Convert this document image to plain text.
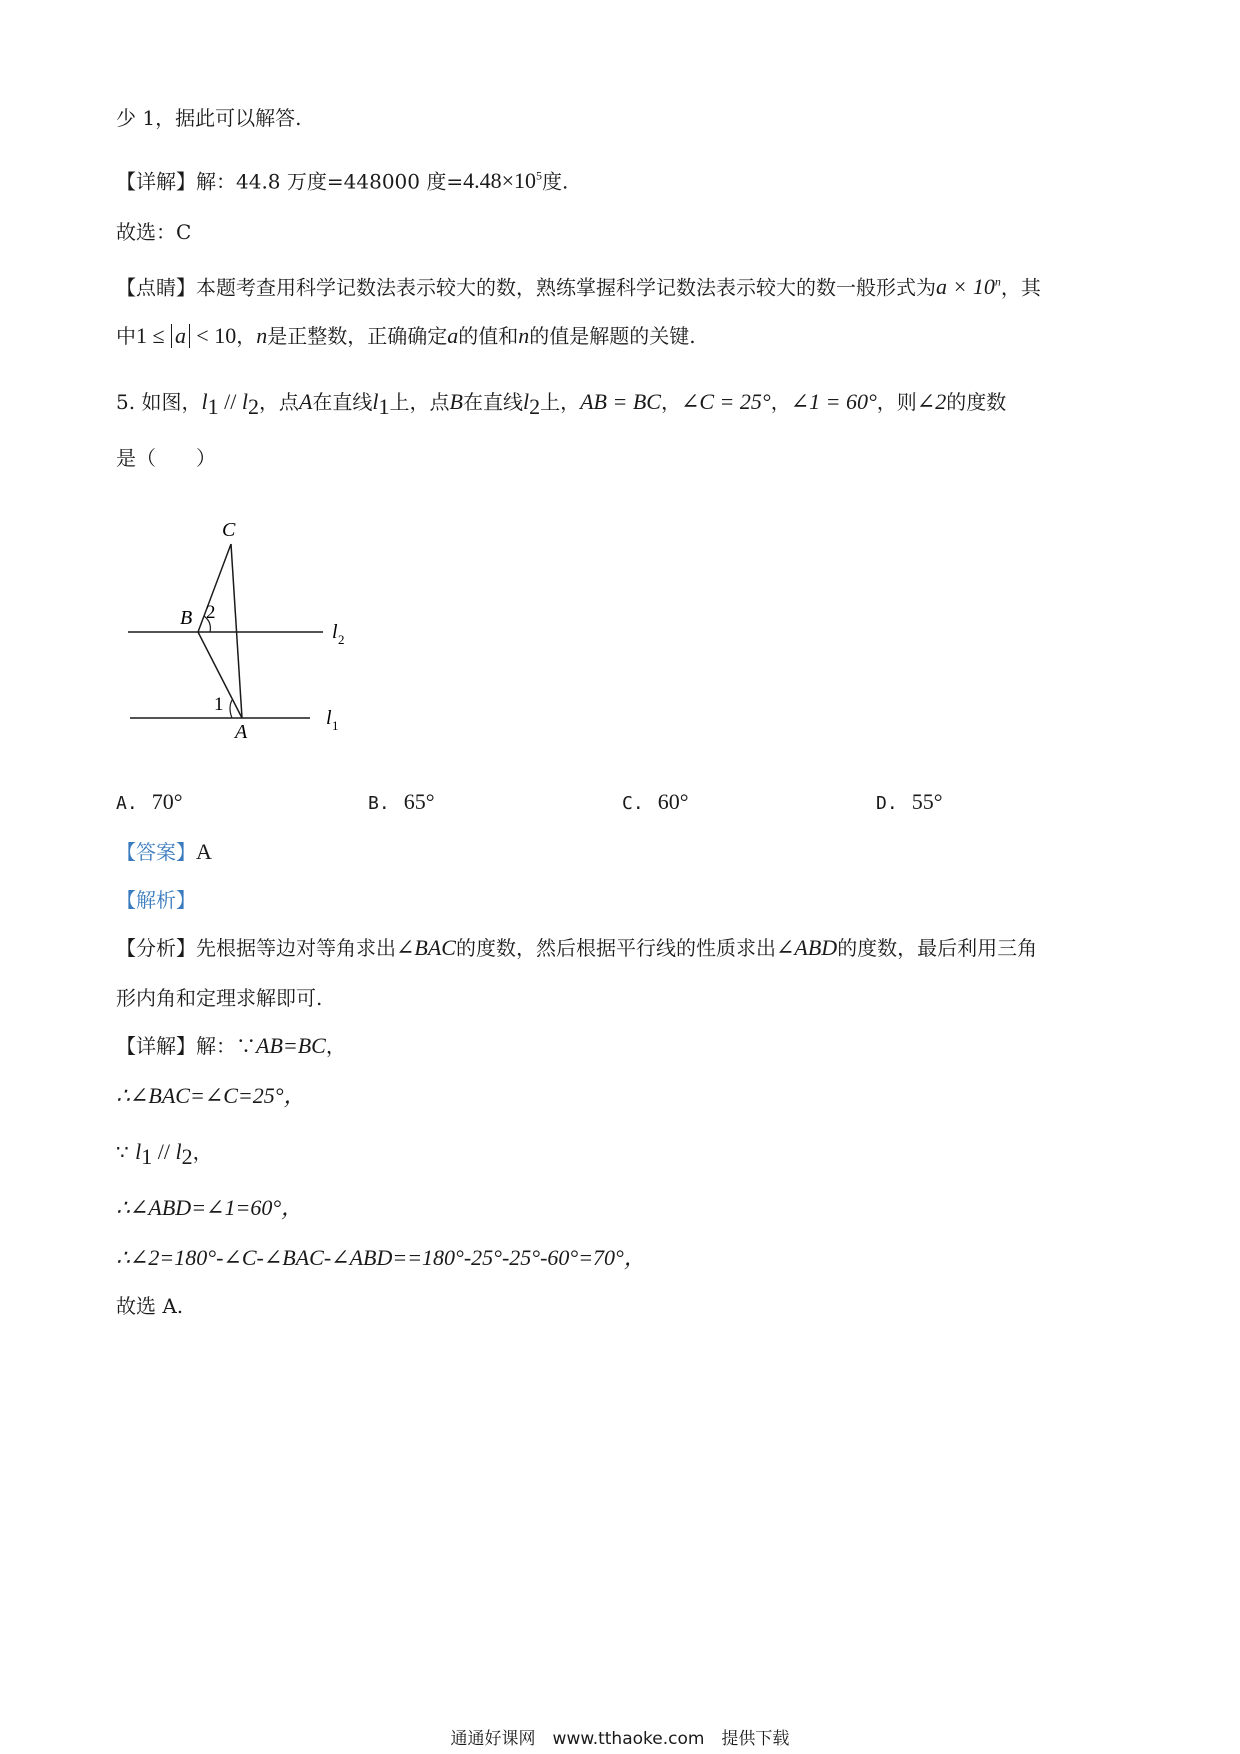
少 1，据此可以解答.
【详解】解：44.8 万度=448000 度$=4.48\times 10^5$度.
故选：C
【点睛】本题考查用科学记数法表示较大的数，熟练掌握科学记数法表示较大的数一般形式为$a \times 10^n$，其
中1 ≤ a < 10，n是正整数，正确确定a的值和n的值是解题的关键.
5. 如图，$l_1 // l_2$，点A在直线$l_1$上，点B在直线$l_2$上，AB = BC，∠C = 25°，∠1 = 60°，则∠2的度数
是（　　）
C
B 2
1
A
l 2
l 1
A. 70°	B. 65°	C. 60°	D. 55°
【答案】A
【解析】
【分析】先根据等边对等角求出∠BAC的度数，然后根据平行线的性质求出∠ABD的度数，最后利用三角
形内角和定理求解即可.
【详解】解：∵AB=BC，
∴∠BAC=∠C=25°，
∵ $l_1 // l_2$，
∴∠ABD=∠1=60°，
∴∠2=180°-∠C-∠BAC-∠ABD==180°-25°-25°-60°=70°，
故选 A.
通通好课网　www.tthaoke.com　提供下载
